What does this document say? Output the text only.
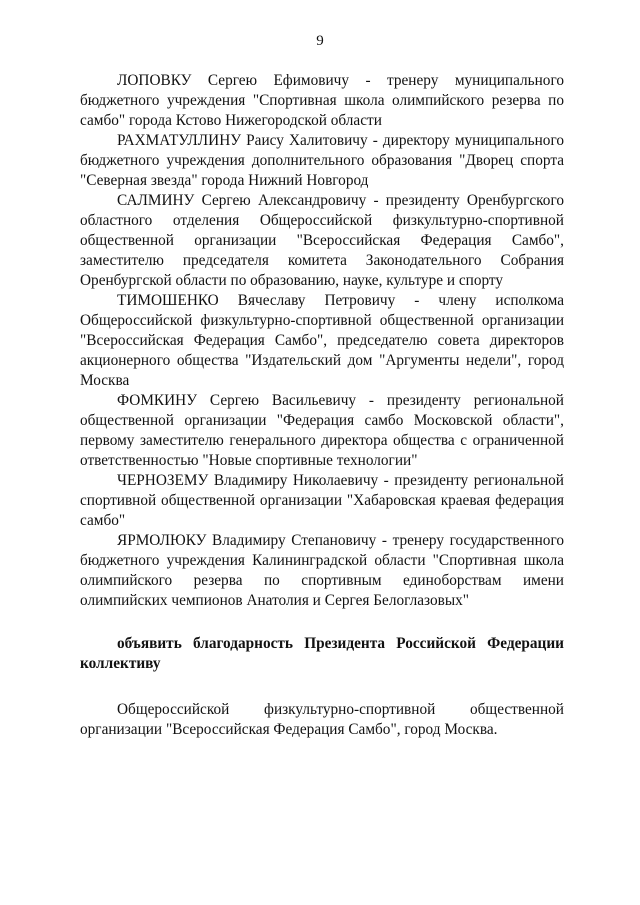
9

ЛОПОВКУ Сергею Ефимовичу - тренеру муниципального бюджетного учреждения "Спортивная школа олимпийского резерва по самбо" города Кстово Нижегородской области

РАХМАТУЛЛИНУ Раису Халитовичу - директору муниципального бюджетного учреждения дополнительного образования "Дворец спорта "Северная звезда" города Нижний Новгород

САЛМИНУ Сергею Александровичу - президенту Оренбургского областного отделения Общероссийской физкультурно-спортивной общественной организации "Всероссийская Федерация Самбо", заместителю председателя комитета Законодательного Собрания Оренбургской области по образованию, науке, культуре и спорту

ТИМОШЕНКО Вячеславу Петровичу - члену исполкома Общероссийской физкультурно-спортивной общественной организации "Всероссийская Федерация Самбо", председателю совета директоров акционерного общества "Издательский дом "Аргументы недели", город Москва

ФОМКИНУ Сергею Васильевичу - президенту региональной общественной организации "Федерация самбо Московской области", первому заместителю генерального директора общества с ограниченной ответственностью "Новые спортивные технологии"

ЧЕРНОЗЕМУ Владимиру Николаевичу - президенту региональной спортивной общественной организации "Хабаровская краевая федерация самбо"

ЯРМОЛЮКУ Владимиру Степановичу - тренеру государственного бюджетного учреждения Калининградской области "Спортивная школа олимпийского резерва по спортивным единоборствам имени олимпийских чемпионов Анатолия и Сергея Белоглазовых"

объявить благодарность Президента Российской Федерации коллективу

Общероссийской физкультурно-спортивной общественной организации "Всероссийская Федерация Самбо", город Москва.
